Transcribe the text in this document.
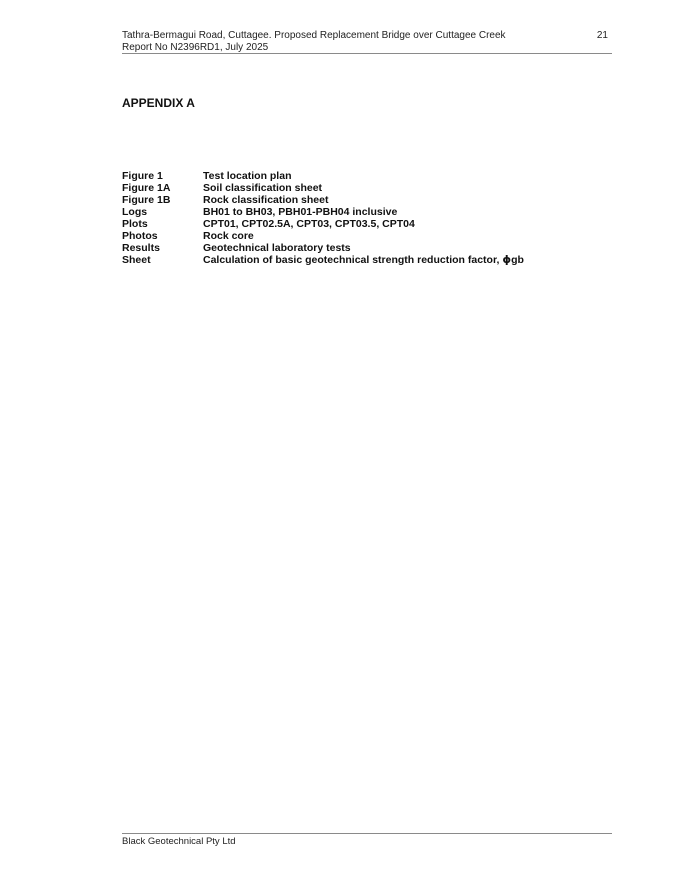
Tathra-Bermagui Road, Cuttagee. Proposed Replacement Bridge over Cuttagee Creek
Report No N2396RD1, July 2025
21
APPENDIX A
Figure 1	Test location plan
Figure 1A	Soil classification sheet
Figure 1B	Rock classification sheet
Logs	BH01 to BH03, PBH01-PBH04 inclusive
Plots	CPT01, CPT02.5A, CPT03, CPT03.5, CPT04
Photos	Rock core
Results	Geotechnical laboratory tests
Sheet	Calculation of basic geotechnical strength reduction factor, ϕgb
Black Geotechnical Pty Ltd
